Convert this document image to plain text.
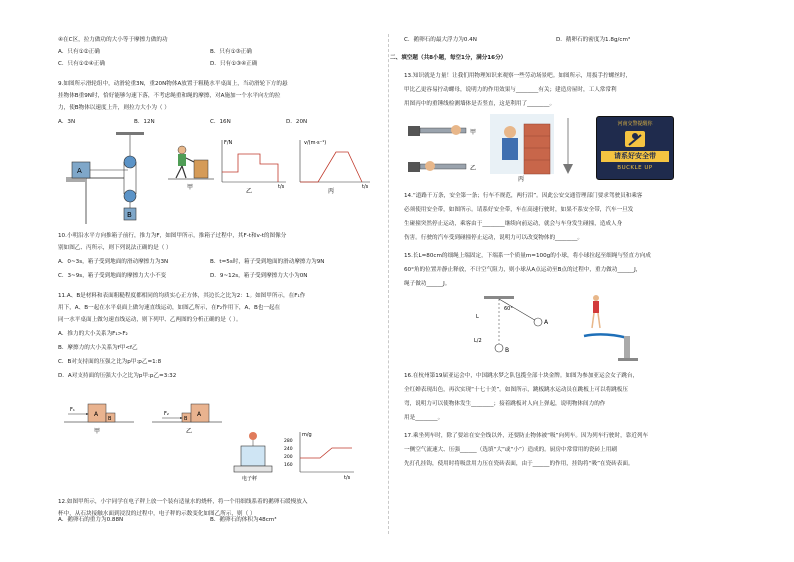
④在C区，拉力做功的大小等于摩擦力做的功
A．只有①②正确	B．只有①③正确
C．只有①②④正确	D．只有①③④正确
9.如图所示滑轮组中，动滑轮重3N，重20N物体A放置于粗糙水平桌面上，当动滑轮下方的悬
挂物体B重9N时，恰好能够匀速下落，不考虑绳重和绳的摩擦，对A施加一个水平向左的拉
力，使B物体以速度上升，则拉力大小为（ ）
A．3N	B．12N	C．16N	D．20N
A
B
甲
F/N
t/s
乙
v/(m·s⁻¹)
t/s
丙
10.小明沿水平方向推箱子前行，推力为F，如图甲所示，推箱子过程中，其F-t和v-t的图像分
别如图乙、丙所示，则下列说法正确的是（ ）
A．0~3s，箱子受到地面的滑动摩擦力为3N	B．t=5s时，箱子受到地面的滑动摩擦力为9N
C．3~9s，箱子受到地面的摩擦力大小不变	D．9~12s，箱子受到摩擦力大小为0N
11.A、B是材料和表面粗糙程度都相同的均质实心正方体，其边长之比为2：1。如图甲所示，在F₁作
用下，A、B一起在水平桌面上做匀速直线运动，如图乙所示，在F₂作用下，A、B也一起在
同一水平桌面上做匀速直线运动，则下列甲、乙两图的分析正确的是（ ）。
A．推力的大小关系为F₁>F₂
B．摩擦力的大小关系为f甲<f乙
C．B对支持面的压强之比为p甲:p乙=1:8
D．A对支持面的压强大小之比为p甲:p乙=3:32
A
B
F₁
甲
B
A
F₂
乙
电子秤
m/g
280
240
200
160
t/s
12.如图甲所示，小宇同学在电子秤上放一个装有适量水的烧杯，将一个用细线系着的鹅卵石缓慢放入
杯中，从石块接触水面到浸没的过程中，电子秤的示数变化如图乙所示，则（ ）
A．鹅卵石的重力为0.88N	B．鹅卵石的体积为48cm³
C．鹅卵石的最大浮力为0.4N	D．鹅卵石的密度为1.8g/cm³
二、填空题（共8小题，每空1分，满分16分）
13.知识就是力量！让我们用物理知识来观察一些劳动场景吧。如图所示，用扳手拧螺丝时，
甲比乙更容易拧动螺母，说明力的作用效果与________有关；建造房屋时，工人常常利
用图丙中的重锤线检测墙体是否竖直，这是利用了________。
甲
乙
丙
河南交警提醒你
请系好安全带
BUCKLE UP
14.“道路千万条，安全第一条；行车不规范，两行泪”。因此公安交通管理部门要求驾驶员和乘客
必须使用安全带，如图所示。请系好安全带，车在高速行驶时，如果不系安全带，汽车一旦发
生碰撞突然停止运动，乘客由于________继续向前运动，就会与车身发生碰撞，造成人身
伤害。行驶的汽车受到碰撞停止运动，说明力可以改变物体的________。
15.长L=80cm的细绳上端固定，下端系一个质量m=100g的小球，将小球拉起至细绳与竖直方向成
60°角的位置并静止释放，不计空气阻力，则小球从A点运动至B点的过程中，重力做功______J，
绳子做功______J。
60°
A
B
L
L/2
16.在杭州第19届亚运会中，中国跳水梦之队包揽全部十块金牌。如图为参加亚运会女子跳台，
全红婵表现出色，再次实现“十七十美”。如图所示，跳板跳水运动员在跳板上可以将跳板压
弯，说明力可以使物体发生________；接着跳板对人向上弹起，说明物体间力的作
用是________。
17.乘坐列车时，除了要站在安全线以外，还要防止物体被“吸”向列车。因为列车行驶时，靠近列车
一侧空气流速大、压强______（选填“大”或“小”）造成的。厨房中常常用的瓷砖上用刷
先打孔挂钩，使用时将吸盘用力压在瓷砖表面，由于______的作用，挂钩将“吸”在瓷砖表面。
